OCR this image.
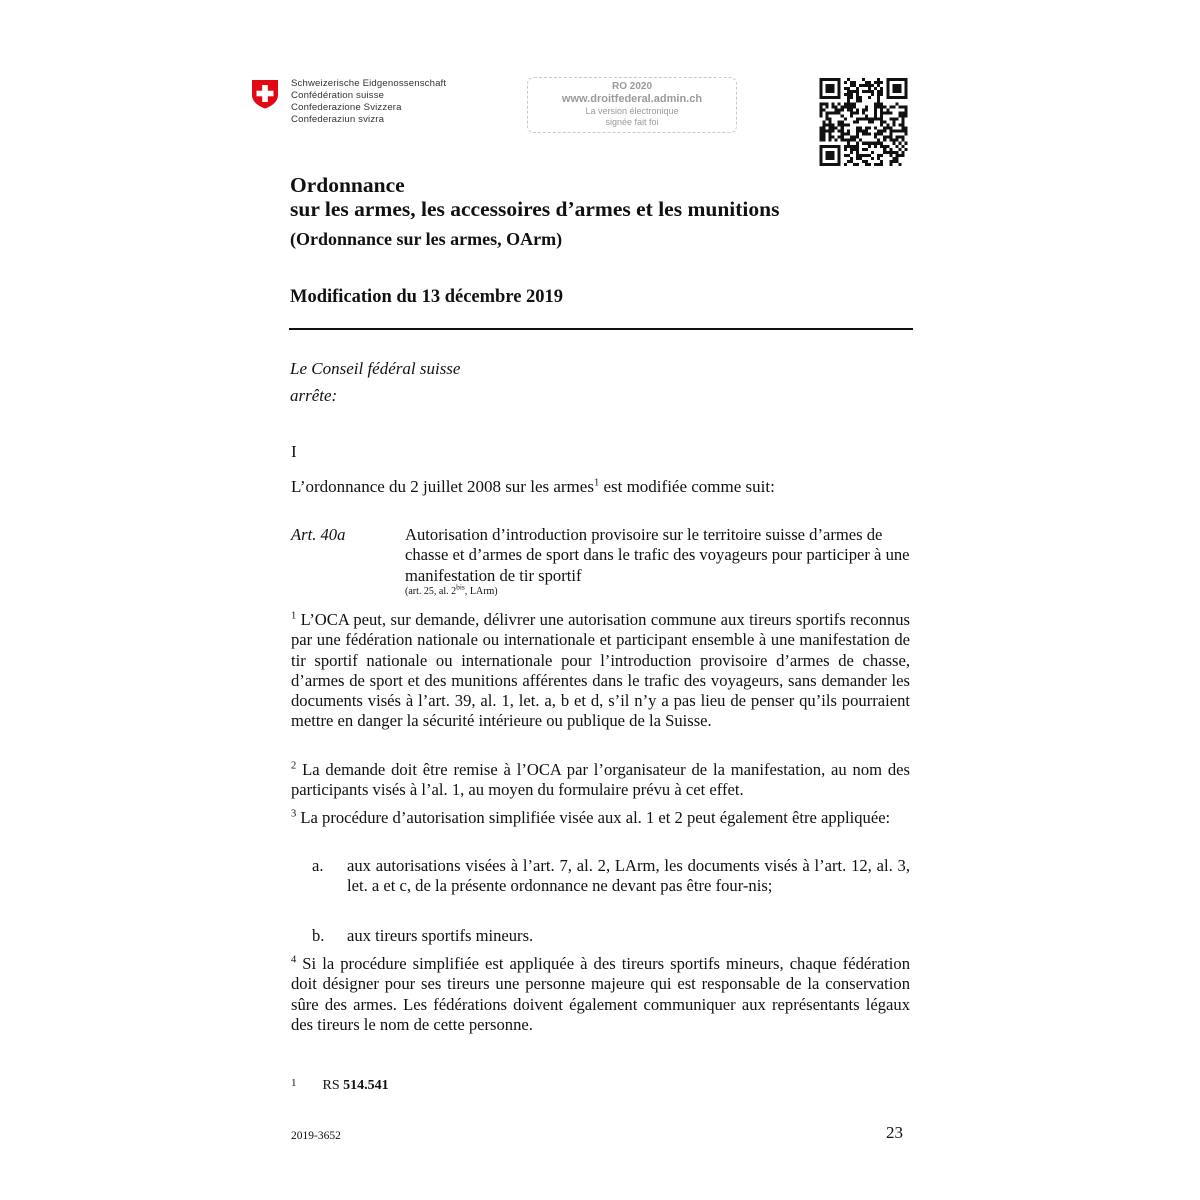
Schweizerische Eidgenossenschaft
Confédération suisse
Confederazione Svizzera
Confederaziun svizra
RO 2020
www.droitfederal.admin.ch
La version électronique
signée fait foi
Ordonnance
sur les armes, les accessoires d’armes et les munitions
(Ordonnance sur les armes, OArm)
Modification du 13 décembre 2019
Le Conseil fédéral suisse
arrête:
I
L’ordonnance du 2 juillet 2008 sur les armes$^1$ est modifiée comme suit:
Art. 40a	Autorisation d’introduction provisoire sur le territoire suisse d’armes de chasse et d’armes de sport dans le trafic des voyageurs pour participer à une manifestation de tir sportif
(art. 25, al. $2^{bis}$, LArm)
$^1$ L’OCA peut, sur demande, délivrer une autorisation commune aux tireurs sportifs reconnus par une fédération nationale ou internationale et participant ensemble à une manifestation de tir sportif nationale ou internationale pour l’introduction provisoire d’armes de chasse, d’armes de sport et des munitions afférentes dans le trafic des voyageurs, sans demander les documents visés à l’art. 39, al. 1, let. a, b et d, s’il n’y a pas lieu de penser qu’ils pourraient mettre en danger la sécurité intérieure ou publique de la Suisse.
$^2$ La demande doit être remise à l’OCA par l’organisateur de la manifestation, au nom des participants visés à l’al. 1, au moyen du formulaire prévu à cet effet.
$^3$ La procédure d’autorisation simplifiée visée aux al. 1 et 2 peut également être appliquée:
a. aux autorisations visées à l’art. 7, al. 2, LArm, les documents visés à l’art. 12, al. 3, let. a et c, de la présente ordonnance ne devant pas être four-nis;
b. aux tireurs sportifs mineurs.
$^4$ Si la procédure simplifiée est appliquée à des tireurs sportifs mineurs, chaque fédération doit désigner pour ses tireurs une personne majeure qui est responsable de la conservation sûre des armes. Les fédérations doivent également communiquer aux représentants légaux des tireurs le nom de cette personne.
$^1$ RS 514.541
2019-3652	23
